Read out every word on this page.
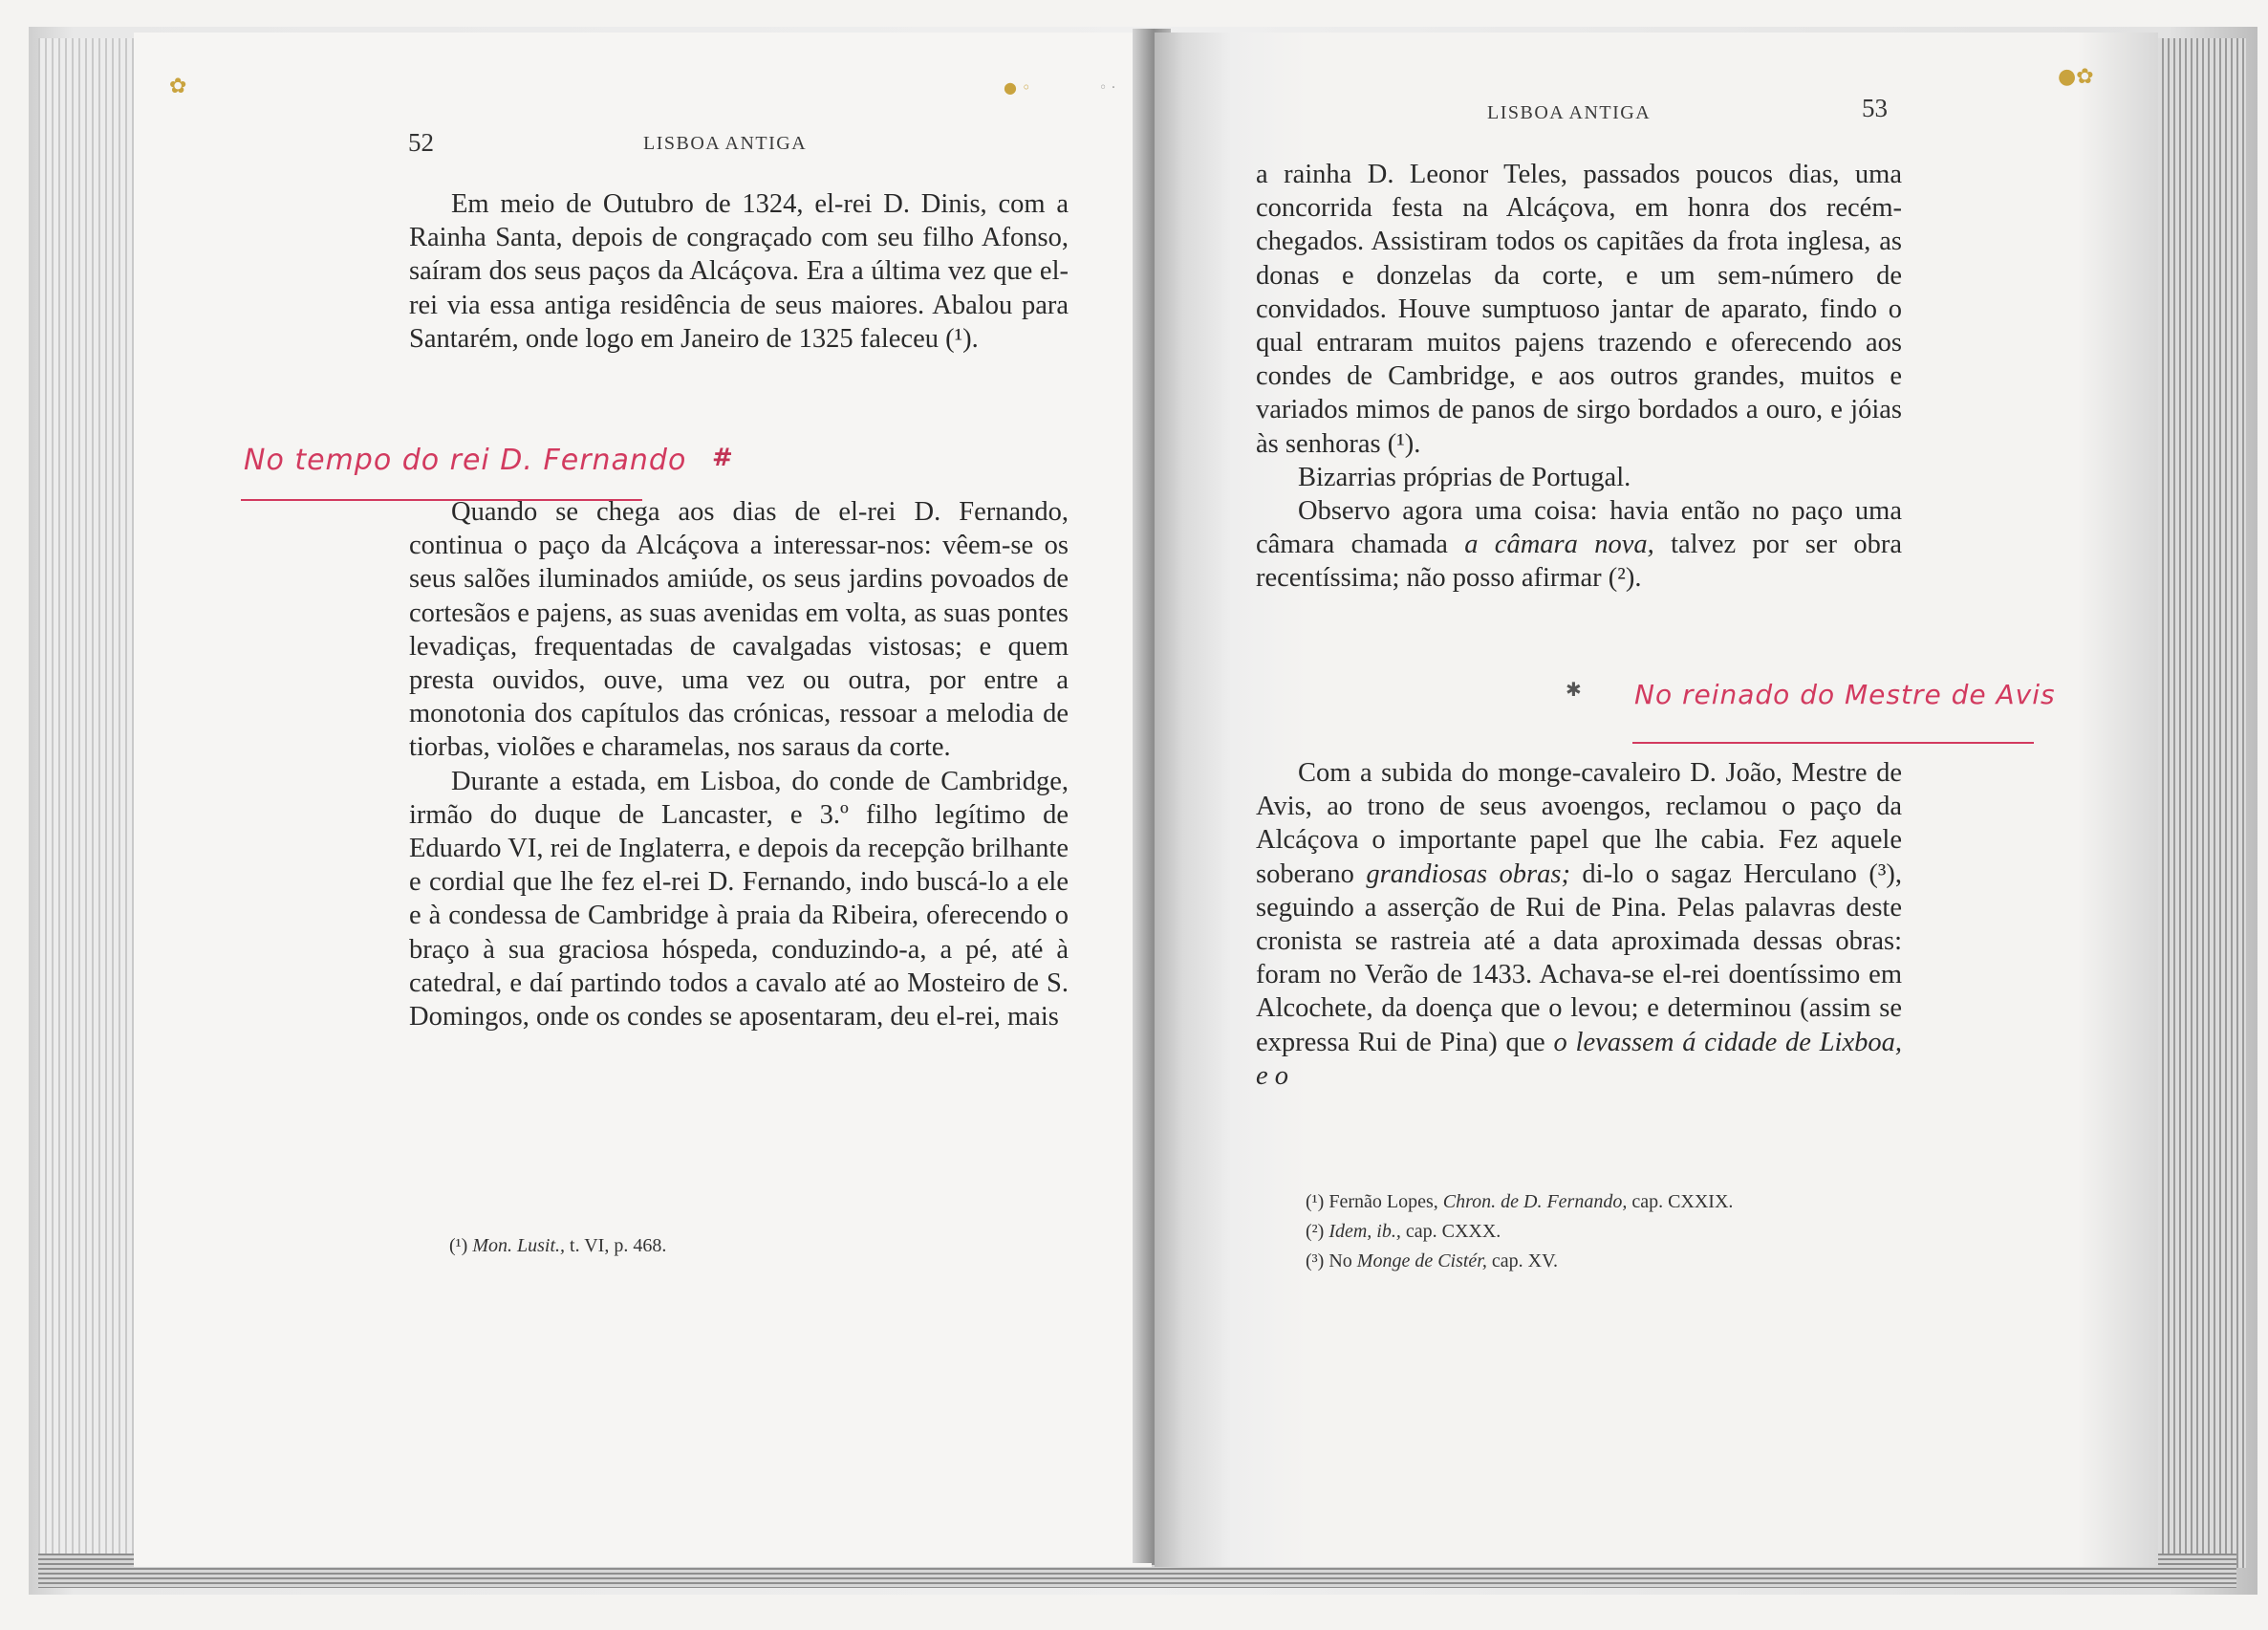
✿	● ◦	◦ ·
52	LISBOA ANTIGA

Em meio de Outubro de 1324, el-rei D. Dinis, com a Rainha Santa, depois de congraçado com seu filho Afonso, saíram dos seus paços da Alcáçova. Era a última vez que el-rei via essa antiga residência de seus maiores. Abalou para Santarém, onde logo em Janeiro de 1325 faleceu (¹).

No tempo do rei D. Fernando #

Quando se chega aos dias de el-rei D. Fernando, continua o paço da Alcáçova a interessar-nos: vêem-se os seus salões iluminados amiúde, os seus jardins povoados de cortesãos e pajens, as suas avenidas em volta, as suas pontes levadiças, frequentadas de cavalgadas vistosas; e quem presta ouvidos, ouve, uma vez ou outra, por entre a monotonia dos capítulos das crónicas, ressoar a melodia de tiorbas, violões e charamelas, nos saraus da corte.

Durante a estada, em Lisboa, do conde de Cambridge, irmão do duque de Lancaster, e 3.º filho legítimo de Eduardo VI, rei de Inglaterra, e depois da recepção brilhante e cordial que lhe fez el-rei D. Fernando, indo buscá-lo a ele e à condessa de Cambridge à praia da Ribeira, oferecendo o braço à sua graciosa hóspeda, conduzindo-a, a pé, até à catedral, e daí partindo todos a cavalo até ao Mosteiro de S. Domingos, onde os condes se aposentaram, deu el-rei, mais

(¹) Mon. Lusit., t. VI, p. 468.
●✿
LISBOA ANTIGA	53

a rainha D. Leonor Teles, passados poucos dias, uma concorrida festa na Alcáçova, em honra dos recém-chegados. Assistiram todos os capitães da frota inglesa, as donas e donzelas da corte, e um sem-número de convidados. Houve sumptuoso jantar de aparato, findo o qual entraram muitos pajens trazendo e oferecendo aos condes de Cambridge, e aos outros grandes, muitos e variados mimos de panos de sirgo bordados a ouro, e jóias às senhoras (¹).

Bizarrias próprias de Portugal.

Observo agora uma coisa: havia então no paço uma câmara chamada a câmara nova, talvez por ser obra recentíssima; não posso afirmar (²).

✱ No reinado do Mestre de Avis

Com a subida do monge-cavaleiro D. João, Mestre de Avis, ao trono de seus avoengos, reclamou o paço da Alcáçova o importante papel que lhe cabia. Fez aquele soberano grandiosas obras; di-lo o sagaz Herculano (³), seguindo a asserção de Rui de Pina. Pelas palavras deste cronista se rastreia até a data aproximada dessas obras: foram no Verão de 1433. Achava-se el-rei doentíssimo em Alcochete, da doença que o levou; e determinou (assim se expressa Rui de Pina) que o levassem á cidade de Lixboa, e o

(¹) Fernão Lopes, Chron. de D. Fernando, cap. CXXIX.
(²) Idem, ib., cap. CXXX.
(³) No Monge de Cistér, cap. XV.
